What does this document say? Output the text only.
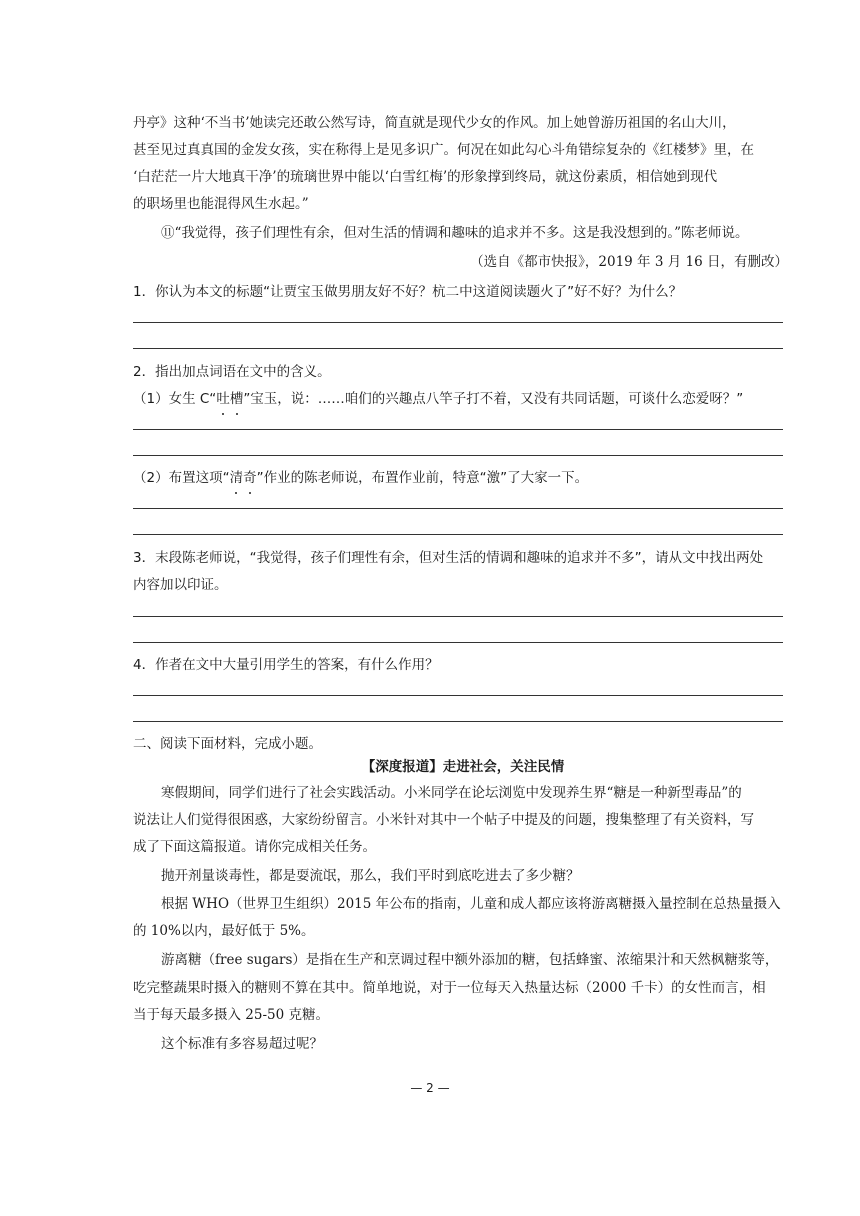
丹亭》这种‘不当书’她读完还敢公然写诗，简直就是现代少女的作风。加上她曾游历祖国的名山大川，
甚至见过真真国的金发女孩，实在称得上是见多识广。何况在如此勾心斗角错综复杂的《红楼梦》里，在
‘白茫茫一片大地真干净’的琉璃世界中能以‘白雪红梅’的形象撑到终局，就这份素质，相信她到现代
的职场里也能混得风生水起。”
⑪“我觉得，孩子们理性有余，但对生活的情调和趣味的追求并不多。这是我没想到的。”陈老师说。
（选自《都市快报》，2019 年 3 月 16 日，有删改）
1．你认为本文的标题“让贾宝玉做男朋友好不好？杭二中这道阅读题火了”好不好？为什么？
2．指出加点词语在文中的含义。
（1）女生 C“吐槽”宝玉，说：……咱们的兴趣点八竿子打不着，又没有共同话题，可谈什么恋爱呀？”
（2）布置这项“清奇”作业的陈老师说，布置作业前，特意“激”了大家一下。
3．末段陈老师说，“我觉得，孩子们理性有余，但对生活的情调和趣味的追求并不多”，请从文中找出两处
内容加以印证。
4．作者在文中大量引用学生的答案，有什么作用？
二、阅读下面材料，完成小题。
【深度报道】走进社会，关注民情
寒假期间，同学们进行了社会实践活动。小米同学在论坛浏览中发现养生界“糖是一种新型毒品”的
说法让人们觉得很困惑，大家纷纷留言。小米针对其中一个帖子中提及的问题，搜集整理了有关资料，写
成了下面这篇报道。请你完成相关任务。
抛开剂量谈毒性，都是耍流氓，那么，我们平时到底吃进去了多少糖？
根据 WHO（世界卫生组织）2015 年公布的指南，儿童和成人都应该将游离糖摄入量控制在总热量摄入
的 10%以内，最好低于 5%。
游离糖（free sugars）是指在生产和烹调过程中额外添加的糖，包括蜂蜜、浓缩果汁和天然枫糖浆等，
吃完整蔬果时摄入的糖则不算在其中。简单地说，对于一位每天入热量达标（2000 千卡）的女性而言，相
当于每天最多摄入 25-50 克糖。
这个标准有多容易超过呢？
— 2 —
